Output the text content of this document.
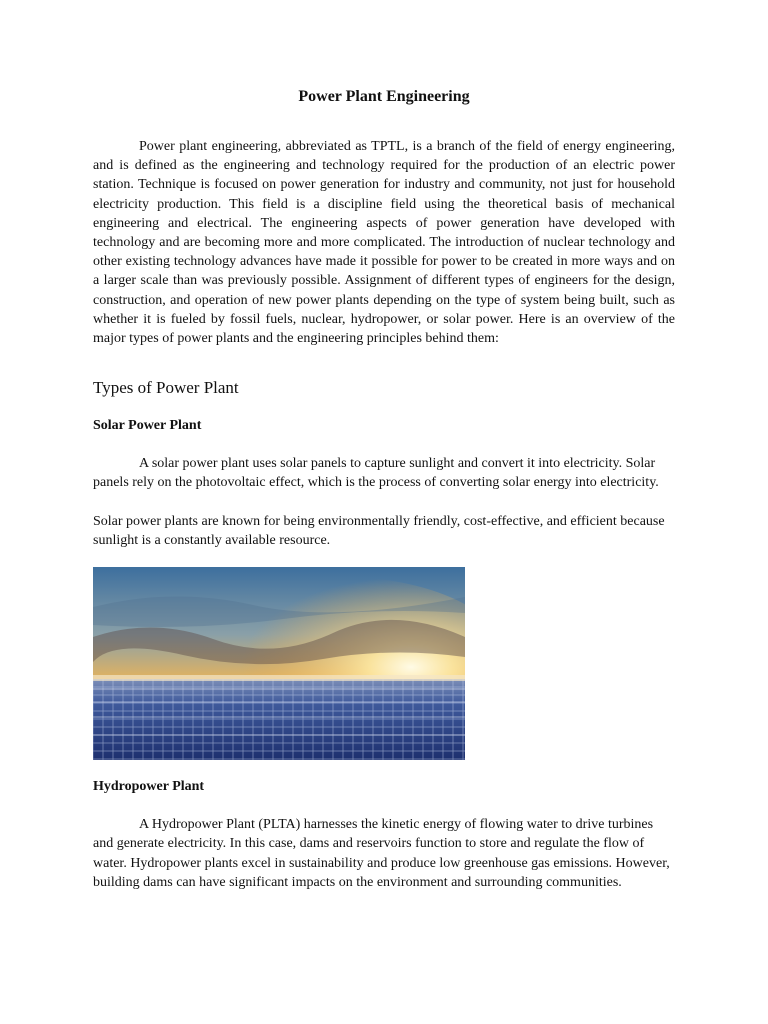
Power Plant Engineering

Power plant engineering, abbreviated as TPTL, is a branch of the field of energy engineering, and is defined as the engineering and technology required for the production of an electric power station. Technique is focused on power generation for industry and community, not just for household electricity production. This field is a discipline field using the theoretical basis of mechanical engineering and electrical. The engineering aspects of power generation have developed with technology and are becoming more and more complicated. The introduction of nuclear technology and other existing technology advances have made it possible for power to be created in more ways and on a larger scale than was previously possible. Assignment of different types of engineers for the design, construction, and operation of new power plants depending on the type of system being built, such as whether it is fueled by fossil fuels, nuclear, hydropower, or solar power. Here is an overview of the major types of power plants and the engineering principles behind them:

Types of Power Plant
Solar Power Plant

A solar power plant uses solar panels to capture sunlight and convert it into electricity. Solar panels rely on the photovoltaic effect, which is the process of converting solar energy into electricity.

Solar power plants are known for being environmentally friendly, cost-effective, and efficient because sunlight is a constantly available resource.

Hydropower Plant

A Hydropower Plant (PLTA) harnesses the kinetic energy of flowing water to drive turbines and generate electricity. In this case, dams and reservoirs function to store and regulate the flow of water. Hydropower plants excel in sustainability and produce low greenhouse gas emissions. However, building dams can have significant impacts on the environment and surrounding communities.
